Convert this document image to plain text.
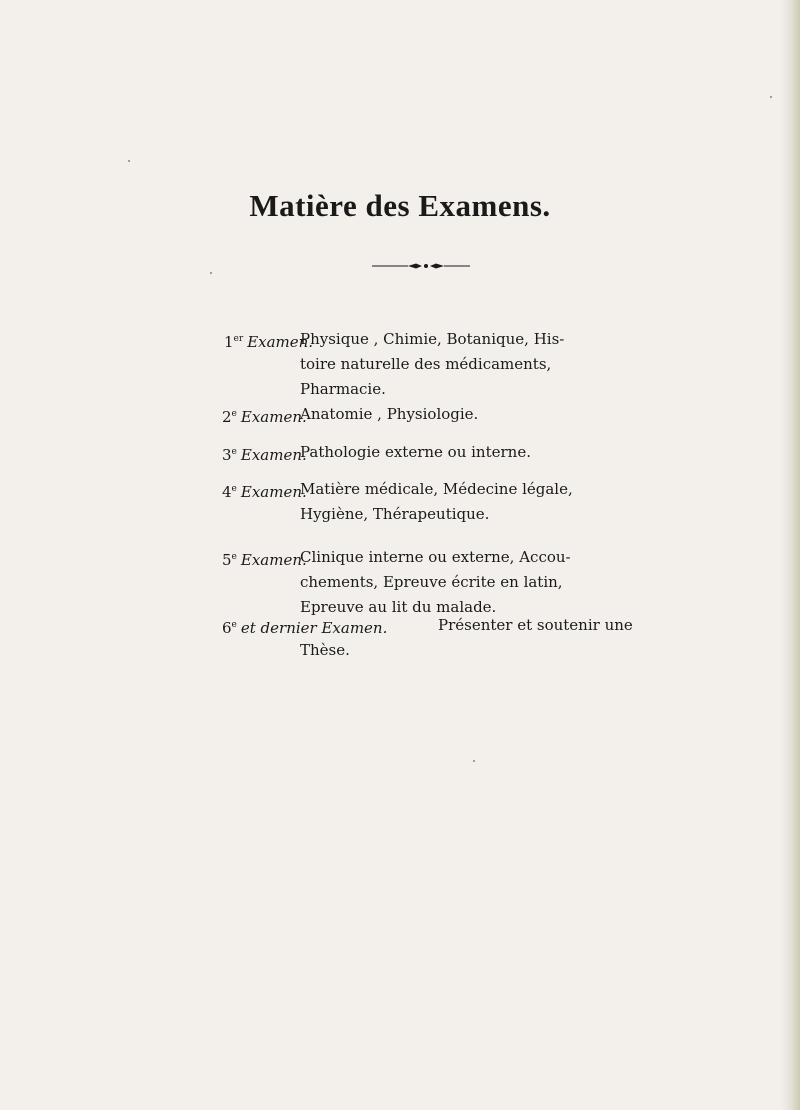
Matière des Examens.
1er Examen.
Physique , Chimie, Botanique, His-
toire naturelle des médicaments,
Pharmacie.
2e Examen.
Anatomie , Physiologie.
3e Examen.
Pathologie externe ou interne.
4e Examen.
Matière médicale, Médecine légale,
Hygiène, Thérapeutique.
5e Examen.
Clinique interne ou externe, Accou-
chements, Epreuve écrite en latin,
Epreuve au lit du malade.
6e et dernier Examen.	Présenter et soutenir une
Thèse.
